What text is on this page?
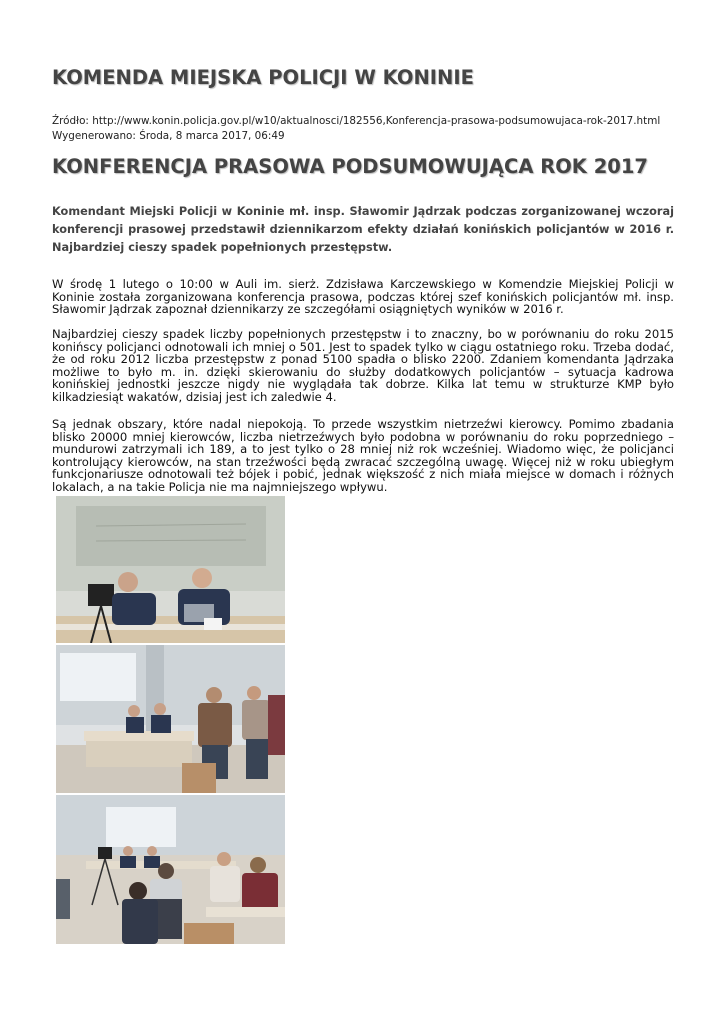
KOMENDA MIEJSKA POLICJI W KONINIE
Źródło: http://www.konin.policja.gov.pl/w10/aktualnosci/182556,Konferencja-prasowa-podsumowujaca-rok-2017.html
Wygenerowano: Środa, 8 marca 2017, 06:49
KONFERENCJA PRASOWA PODSUMOWUJĄCA ROK 2017

Komendant Miejski Policji w Koninie mł. insp. Sławomir Jądrzak podczas zorganizowanej wczoraj konferencji prasowej przedstawił dziennikarzom efekty działań konińskich policjantów w 2016 r. Najbardziej cieszy spadek popełnionych przestępstw.

W środę 1 lutego o 10:00 w Auli im. sierż. Zdzisława Karczewskiego w Komendzie Miejskiej Policji w Koninie została zorganizowana konferencja prasowa, podczas której szef konińskich policjantów mł. insp. Sławomir Jądrzak zapoznał dziennikarzy ze szczegółami osiągniętych wyników w 2016 r.

Najbardziej cieszy spadek liczby popełnionych przestępstw i to znaczny, bo w porównaniu do roku 2015 konińscy policjanci odnotowali ich mniej o 501. Jest to spadek tylko w ciągu ostatniego roku. Trzeba dodać, że od roku 2012 liczba przestępstw z ponad 5100 spadła o blisko 2200. Zdaniem komendanta Jądrzaka możliwe to było m. in. dzięki skierowaniu do służby dodatkowych policjantów – sytuacja kadrowa konińskiej jednostki jeszcze nigdy nie wyglądała tak dobrze. Kilka lat temu w strukturze KMP było kilkadziesiąt wakatów, dzisiaj jest ich zaledwie 4.

Są jednak obszary, które nadal niepokoją. To przede wszystkim nietrzeźwi kierowcy. Pomimo zbadania blisko 20000 mniej kierowców, liczba nietrzeźwych było podobna w porównaniu do roku poprzedniego – mundurowi zatrzymali ich 189, a to jest tylko o 28 mniej niż rok wcześniej. Wiadomo więc, że policjanci kontrolujący kierowców, na stan trzeźwości będą zwracać szczególną uwagę. Więcej niż w roku ubiegłym funkcjonariusze odnotowali też bójek i pobić, jednak większość z nich miała miejsce w domach i różnych lokalach, a na takie Policja nie ma najmniejszego wpływu.
